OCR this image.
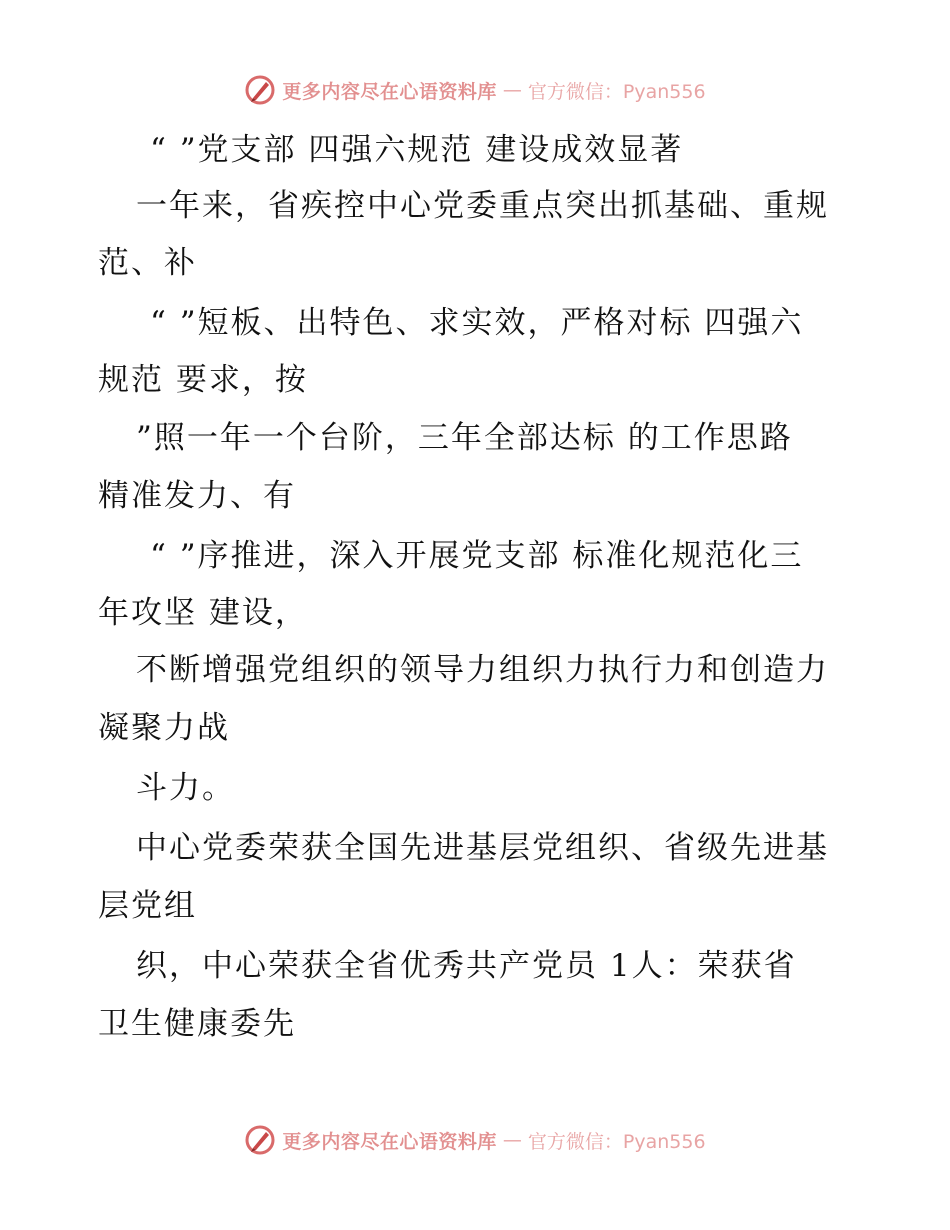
更多内容尽在心语资料库 — 官方微信：Pyan556
“ ”党支部 四强六规范 建设成效显著
一年来，省疾控中心党委重点突出抓基础、重规
范、补
“ ”短板、出特色、求实效，严格对标 四强六
规范 要求，按
”照一年一个台阶，三年全部达标 的工作思路
精准发力、有
“ ”序推进，深入开展党支部 标准化规范化三
年攻坚 建设，
不断增强党组织的领导力组织力执行力和创造力
凝聚力战
斗力。
中心党委荣获全国先进基层党组织、省级先进基
层党组
织，中心荣获全省优秀共产党员 1人：荣获省
卫生健康委先
更多内容尽在心语资料库 — 官方微信：Pyan556
